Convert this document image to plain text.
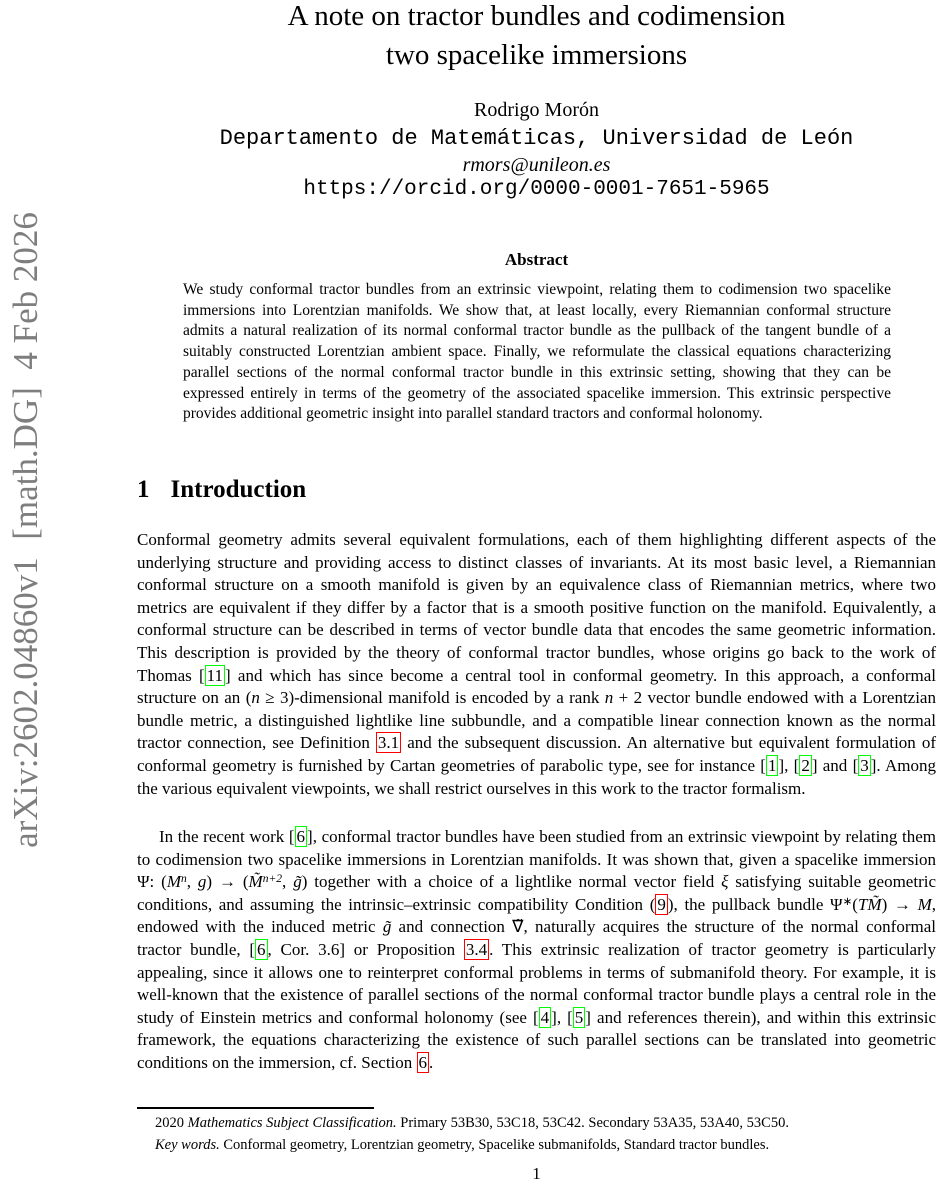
arXiv:2602.04860v1  [math.DG]  4 Feb 2026
A note on tractor bundles and codimension
two spacelike immersions
Rodrigo Morón
Departamento de Matemáticas, Universidad de León
rmors@unileon.es
https://orcid.org/0000-0001-7651-5965
Abstract
We study conformal tractor bundles from an extrinsic viewpoint, relating them to codimension two spacelike immersions into Lorentzian manifolds. We show that, at least locally, every Riemannian conformal structure admits a natural realization of its normal conformal tractor bundle as the pullback of the tangent bundle of a suitably constructed Lorentzian ambient space. Finally, we reformulate the classical equations characterizing parallel sections of the normal conformal tractor bundle in this extrinsic setting, showing that they can be expressed entirely in terms of the geometry of the associated spacelike immersion. This extrinsic perspective provides additional geometric insight into parallel standard tractors and conformal holonomy.
1 Introduction
Conformal geometry admits several equivalent formulations, each of them highlighting different aspects of the underlying structure and providing access to distinct classes of invariants. At its most basic level, a Riemannian conformal structure on a smooth manifold is given by an equivalence class of Riemannian metrics, where two metrics are equivalent if they differ by a factor that is a smooth positive function on the manifold. Equivalently, a conformal structure can be described in terms of vector bundle data that encodes the same geometric information. This description is provided by the theory of conformal tractor bundles, whose origins go back to the work of Thomas [ 11 ] and which has since become a central tool in conformal geometry. In this approach, a conformal structure on an (n ≥ 3)-dimensional manifold is encoded by a rank n + 2 vector bundle endowed with a Lorentzian bundle metric, a distinguished lightlike line subbundle, and a compatible linear connection known as the normal tractor connection, see Definition 3.1 and the subsequent discussion. An alternative but equivalent formulation of conformal geometry is furnished by Cartan geometries of parabolic type, see for instance [ 1 ], [ 2 ] and [ 3 ]. Among the various equivalent viewpoints, we shall restrict ourselves in this work to the tractor formalism.
In the recent work [ 6 ], conformal tractor bundles have been studied from an extrinsic viewpoint by relating them to codimension two spacelike immersions in Lorentzian manifolds. It was shown that, given a spacelike immersion Ψ: ($M^n$, g) → (M̃$^{n+2}$, g̃) together with a choice of a lightlike normal vector field ξ satisfying suitable geometric conditions, and assuming the intrinsic–extrinsic compatibility Condition ( 9 ), the pullback bundle Ψ∗(TM̃) → M, endowed with the induced metric g̃ and connection ∇̃, naturally acquires the structure of the normal conformal tractor bundle, [ 6 , Cor. 3.6] or Proposition 3.4 . This extrinsic realization of tractor geometry is particularly appealing, since it allows one to reinterpret conformal problems in terms of submanifold theory. For example, it is well-known that the existence of parallel sections of the normal conformal tractor bundle plays a central role in the study of Einstein metrics and conformal holonomy (see [ 4 ], [ 5 ] and references therein), and within this extrinsic framework, the equations characterizing the existence of such parallel sections can be translated into geometric conditions on the immersion, cf. Section 6 .
2020 Mathematics Subject Classification. Primary 53B30, 53C18, 53C42. Secondary 53A35, 53A40, 53C50.
Key words. Conformal geometry, Lorentzian geometry, Spacelike submanifolds, Standard tractor bundles.
1
